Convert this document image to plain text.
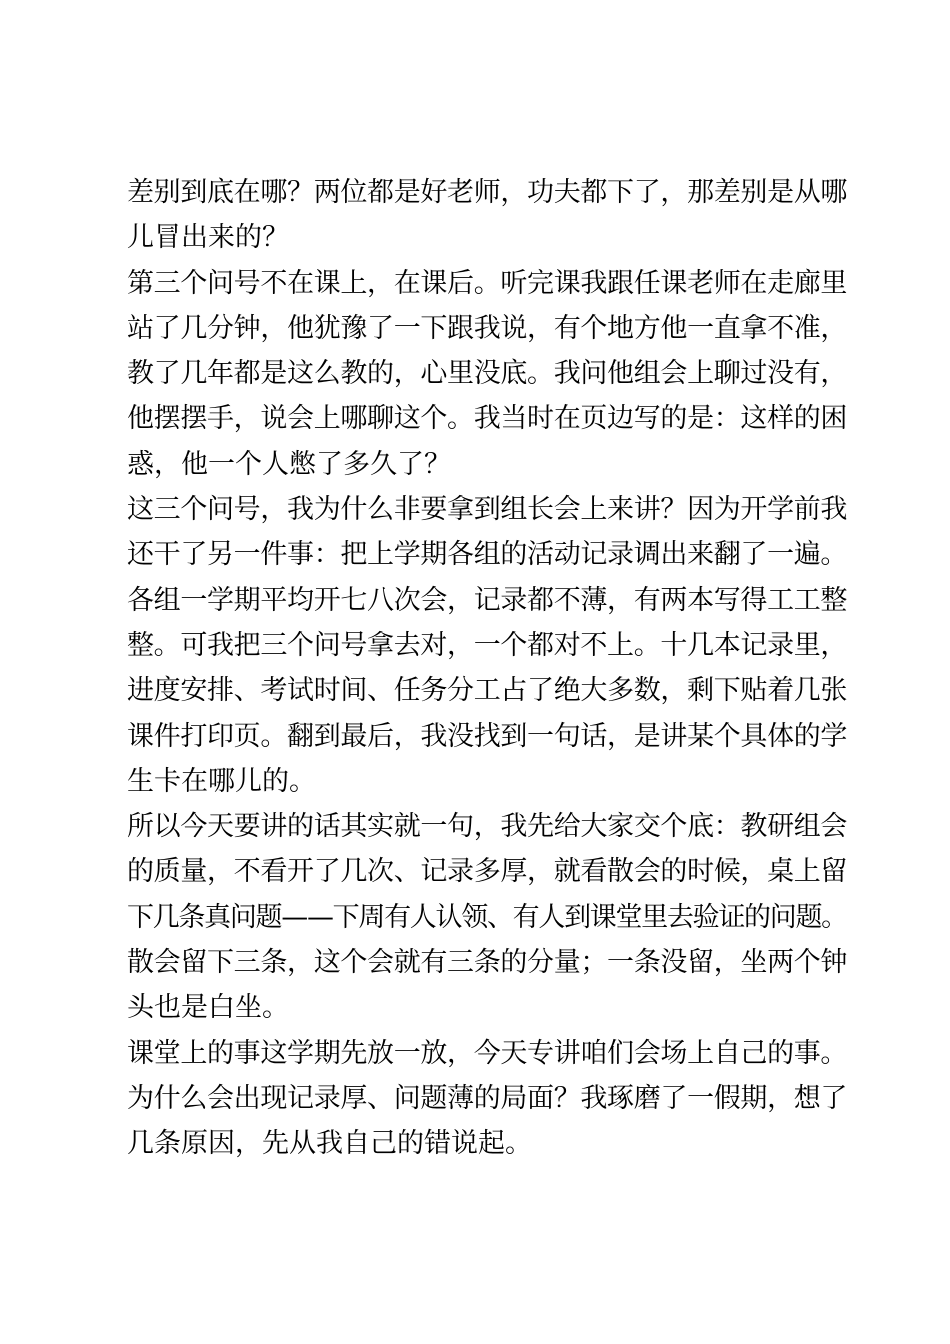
差别到底在哪？两位都是好老师，功夫都下了，那差别是从哪
儿冒出来的？
第三个问号不在课上，在课后。听完课我跟任课老师在走廊里
站了几分钟，他犹豫了一下跟我说，有个地方他一直拿不准，
教了几年都是这么教的，心里没底。我问他组会上聊过没有，
他摆摆手，说会上哪聊这个。我当时在页边写的是：这样的困
惑，他一个人憋了多久了？
这三个问号，我为什么非要拿到组长会上来讲？因为开学前我
还干了另一件事：把上学期各组的活动记录调出来翻了一遍。
各组一学期平均开七八次会，记录都不薄，有两本写得工工整
整。可我把三个问号拿去对，一个都对不上。十几本记录里，
进度安排、考试时间、任务分工占了绝大多数，剩下贴着几张
课件打印页。翻到最后，我没找到一句话，是讲某个具体的学
生卡在哪儿的。
所以今天要讲的话其实就一句，我先给大家交个底：教研组会
的质量，不看开了几次、记录多厚，就看散会的时候，桌上留
下几条真问题——下周有人认领、有人到课堂里去验证的问题。
散会留下三条，这个会就有三条的分量；一条没留，坐两个钟
头也是白坐。
课堂上的事这学期先放一放，今天专讲咱们会场上自己的事。
为什么会出现记录厚、问题薄的局面？我琢磨了一假期，想了
几条原因，先从我自己的错说起。
